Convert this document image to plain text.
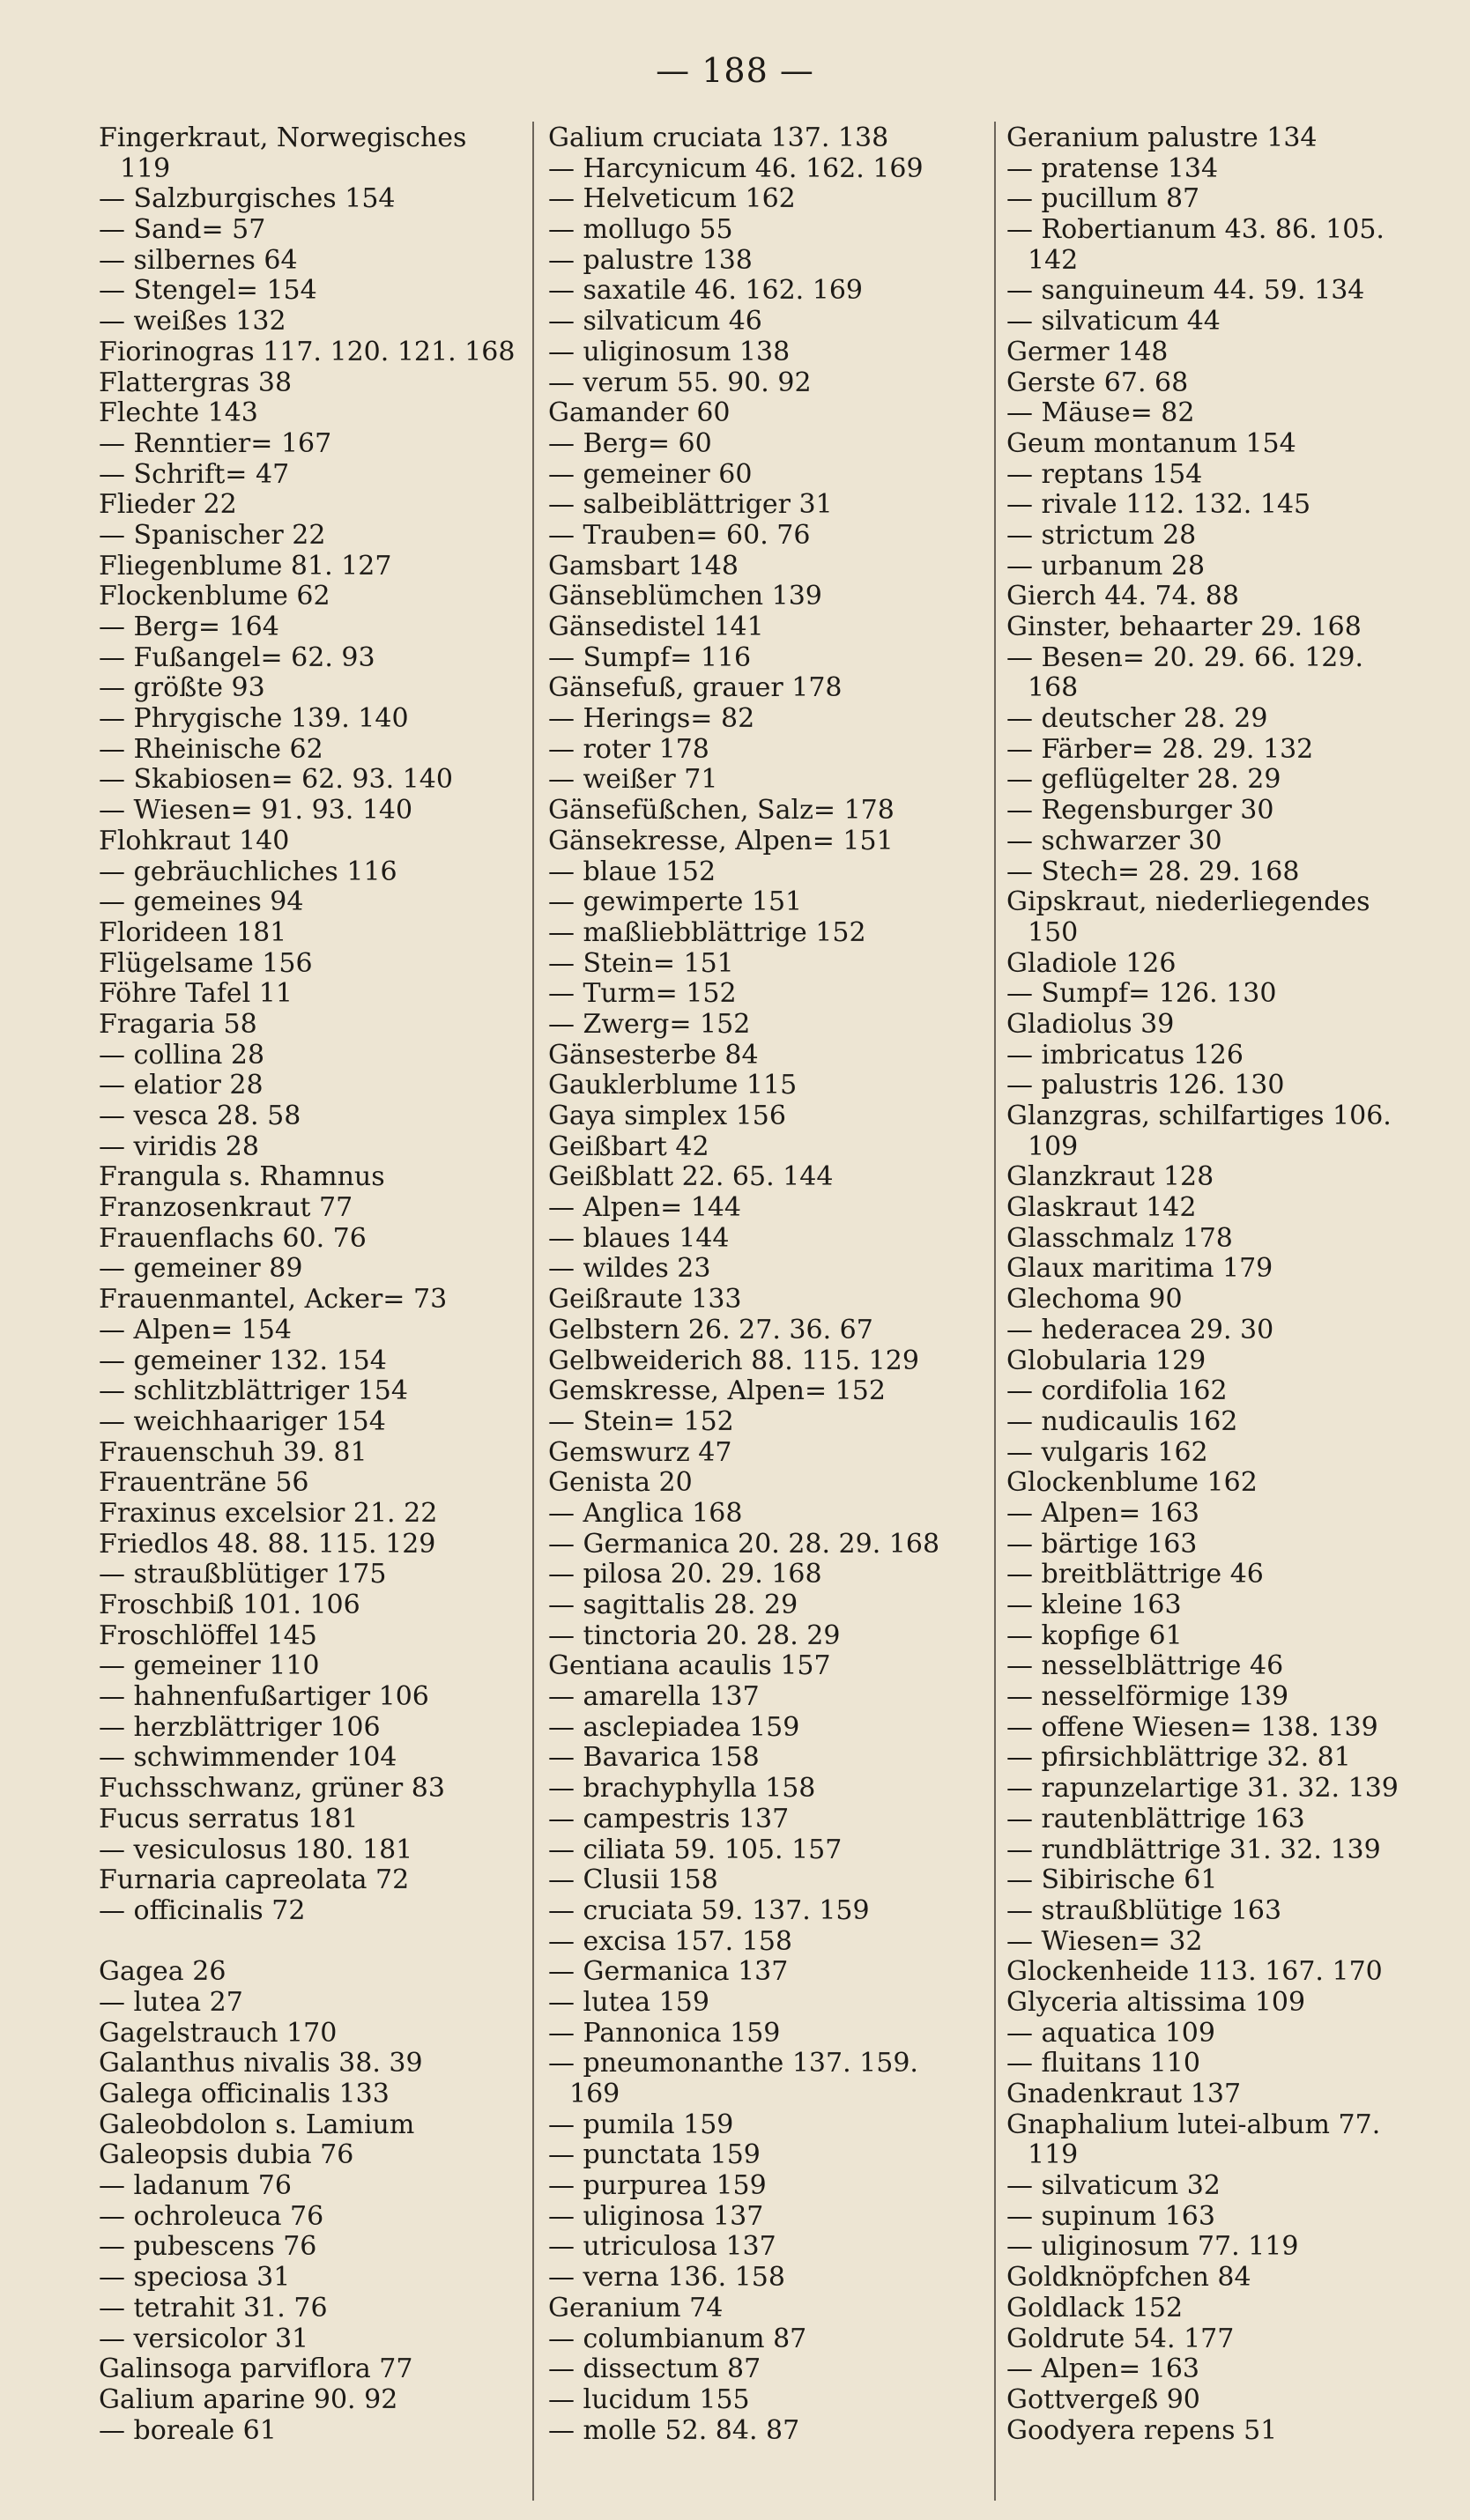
— 188 —
Fingerkraut, Norwegisches
119
— Salzburgisches 154
— Sand= 57
— silbernes 64
— Stengel= 154
— weißes 132
Fiorinogras 117. 120. 121. 168
Flattergras 38
Flechte 143
— Renntier= 167
— Schrift= 47
Flieder 22
— Spanischer 22
Fliegenblume 81. 127
Flockenblume 62
— Berg= 164
— Fußangel= 62. 93
— größte 93
— Phrygische 139. 140
— Rheinische 62
— Skabiosen= 62. 93. 140
— Wiesen= 91. 93. 140
Flohkraut 140
— gebräuchliches 116
— gemeines 94
Florideen 181
Flügelsame 156
Föhre Tafel 11
Fragaria 58
— collina 28
— elatior 28
— vesca 28. 58
— viridis 28
Frangula s. Rhamnus
Franzosenkraut 77
Frauenflachs 60. 76
— gemeiner 89
Frauenmantel, Acker= 73
— Alpen= 154
— gemeiner 132. 154
— schlitzblättriger 154
— weichhaariger 154
Frauenschuh 39. 81
Frauenträne 56
Fraxinus excelsior 21. 22
Friedlos 48. 88. 115. 129
— straußblütiger 175
Froschbiß 101. 106
Froschlöffel 145
— gemeiner 110
— hahnenfußartiger 106
— herzblättriger 106
— schwimmender 104
Fuchsschwanz, grüner 83
Fucus serratus 181
— vesiculosus 180. 181
Furnaria capreolata 72
— officinalis 72
Gagea 26
— lutea 27
Gagelstrauch 170
Galanthus nivalis 38. 39
Galega officinalis 133
Galeobdolon s. Lamium
Galeopsis dubia 76
— ladanum 76
— ochroleuca 76
— pubescens 76
— speciosa 31
— tetrahit 31. 76
— versicolor 31
Galinsoga parviflora 77
Galium aparine 90. 92
— boreale 61
Galium cruciata 137. 138
— Harcynicum 46. 162. 169
— Helveticum 162
— mollugo 55
— palustre 138
— saxatile 46. 162. 169
— silvaticum 46
— uliginosum 138
— verum 55. 90. 92
Gamander 60
— Berg= 60
— gemeiner 60
— salbeiblättriger 31
— Trauben= 60. 76
Gamsbart 148
Gänseblümchen 139
Gänsedistel 141
— Sumpf= 116
Gänsefuß, grauer 178
— Herings= 82
— roter 178
— weißer 71
Gänsefüßchen, Salz= 178
Gänsekresse, Alpen= 151
— blaue 152
— gewimperte 151
— maßliebblättrige 152
— Stein= 151
— Turm= 152
— Zwerg= 152
Gänsesterbe 84
Gauklerblume 115
Gaya simplex 156
Geißbart 42
Geißblatt 22. 65. 144
— Alpen= 144
— blaues 144
— wildes 23
Geißraute 133
Gelbstern 26. 27. 36. 67
Gelbweiderich 88. 115. 129
Gemskresse, Alpen= 152
— Stein= 152
Gemswurz 47
Genista 20
— Anglica 168
— Germanica 20. 28. 29. 168
— pilosa 20. 29. 168
— sagittalis 28. 29
— tinctoria 20. 28. 29
Gentiana acaulis 157
— amarella 137
— asclepiadea 159
— Bavarica 158
— brachyphylla 158
— campestris 137
— ciliata 59. 105. 157
— Clusii 158
— cruciata 59. 137. 159
— excisa 157. 158
— Germanica 137
— lutea 159
— Pannonica 159
— pneumonanthe 137. 159.
169
— pumila 159
— punctata 159
— purpurea 159
— uliginosa 137
— utriculosa 137
— verna 136. 158
Geranium 74
— columbianum 87
— dissectum 87
— lucidum 155
— molle 52. 84. 87
Geranium palustre 134
— pratense 134
— pucillum 87
— Robertianum 43. 86. 105.
142
— sanguineum 44. 59. 134
— silvaticum 44
Germer 148
Gerste 67. 68
— Mäuse= 82
Geum montanum 154
— reptans 154
— rivale 112. 132. 145
— strictum 28
— urbanum 28
Gierch 44. 74. 88
Ginster, behaarter 29. 168
— Besen= 20. 29. 66. 129.
168
— deutscher 28. 29
— Färber= 28. 29. 132
— geflügelter 28. 29
— Regensburger 30
— schwarzer 30
— Stech= 28. 29. 168
Gipskraut, niederliegendes
150
Gladiole 126
— Sumpf= 126. 130
Gladiolus 39
— imbricatus 126
— palustris 126. 130
Glanzgras, schilfartiges 106.
109
Glanzkraut 128
Glaskraut 142
Glasschmalz 178
Glaux maritima 179
Glechoma 90
— hederacea 29. 30
Globularia 129
— cordifolia 162
— nudicaulis 162
— vulgaris 162
Glockenblume 162
— Alpen= 163
— bärtige 163
— breitblättrige 46
— kleine 163
— kopfige 61
— nesselblättrige 46
— nesselförmige 139
— offene Wiesen= 138. 139
— pfirsichblättrige 32. 81
— rapunzelartige 31. 32. 139
— rautenblättrige 163
— rundblättrige 31. 32. 139
— Sibirische 61
— straußblütige 163
— Wiesen= 32
Glockenheide 113. 167. 170
Glyceria altissima 109
— aquatica 109
— fluitans 110
Gnadenkraut 137
Gnaphalium lutei-album 77.
119
— silvaticum 32
— supinum 163
— uliginosum 77. 119
Goldknöpfchen 84
Goldlack 152
Goldrute 54. 177
— Alpen= 163
Gottvergeß 90
Goodyera repens 51
